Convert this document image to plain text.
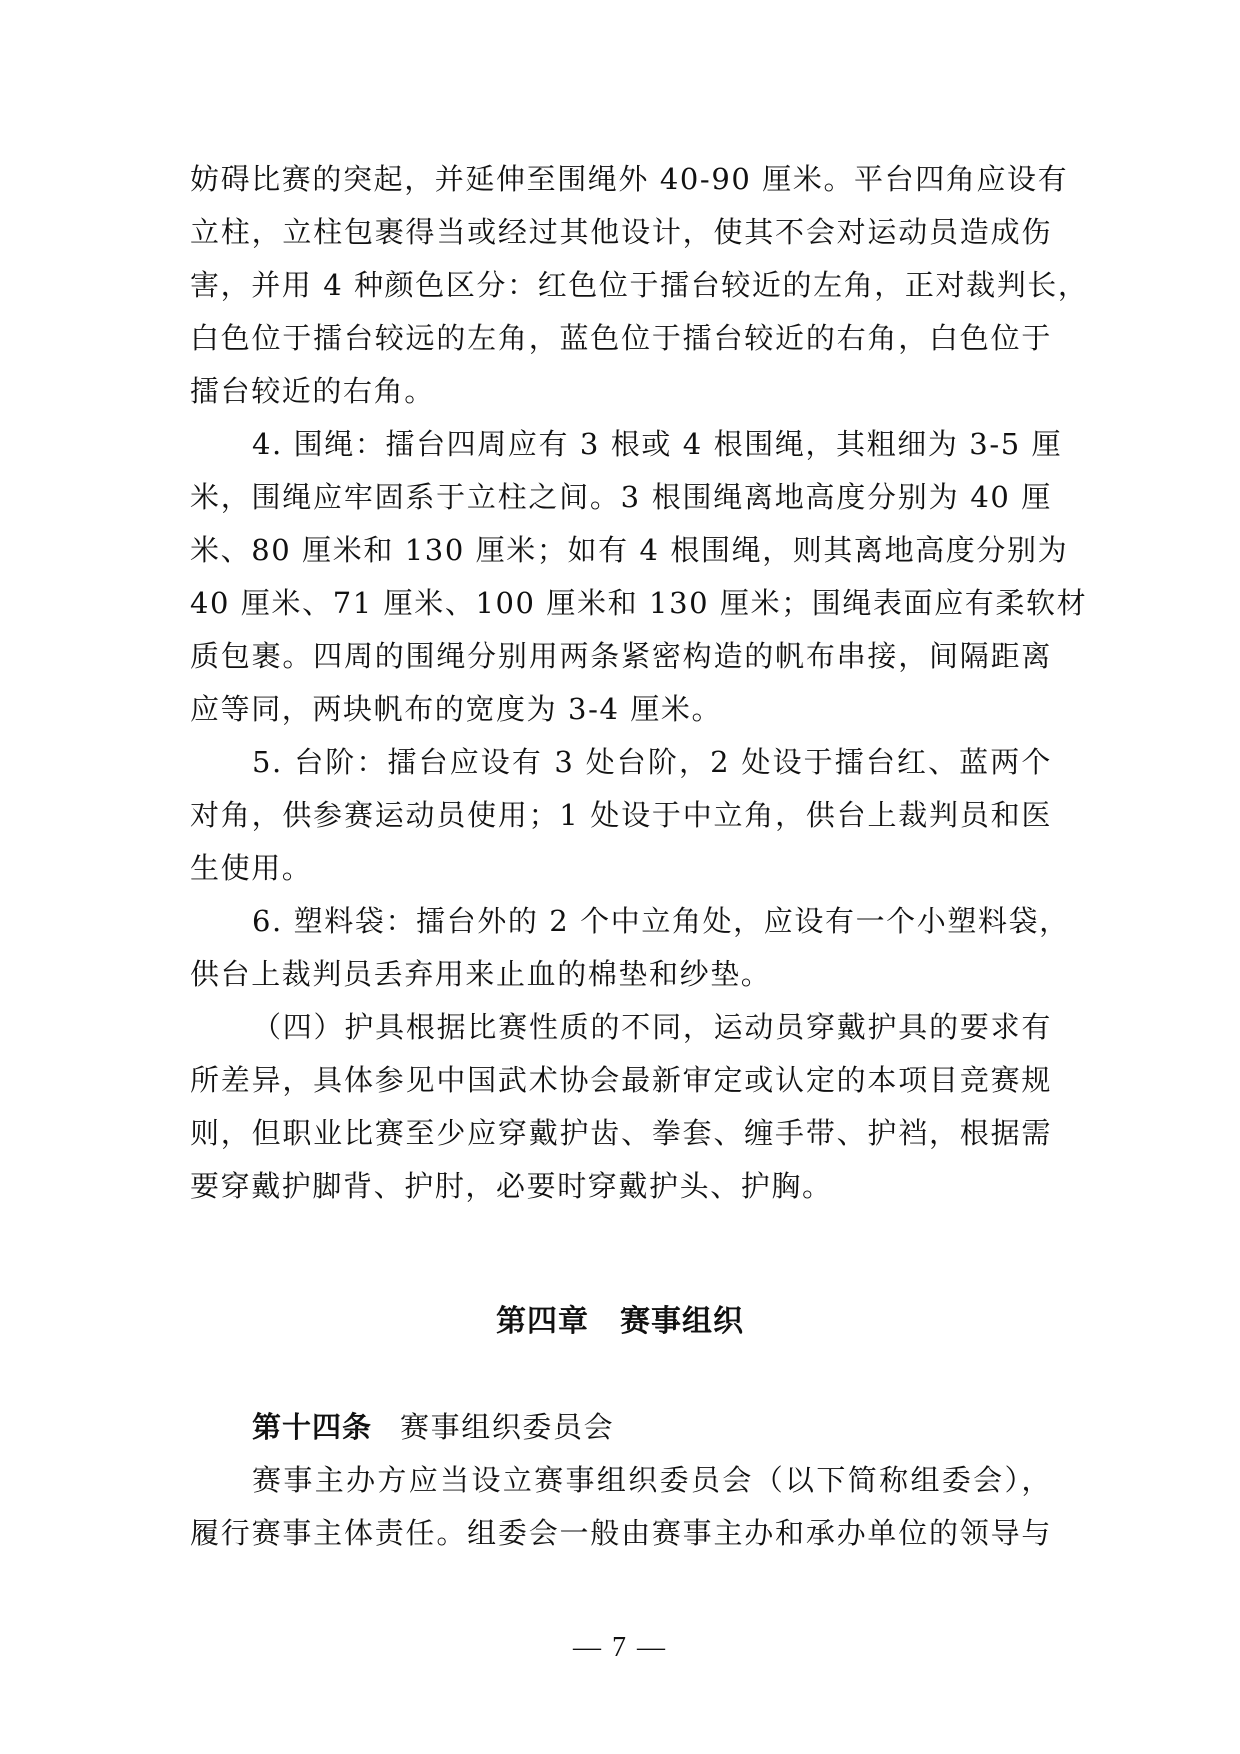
妨碍比赛的突起，并延伸至围绳外 40-90 厘米。平台四角应设有
立柱，立柱包裹得当或经过其他设计，使其不会对运动员造成伤
害，并用 4 种颜色区分：红色位于擂台较近的左角，正对裁判长，
白色位于擂台较远的左角，蓝色位于擂台较近的右角，白色位于
擂台较近的右角。
4. 围绳：擂台四周应有 3 根或 4 根围绳，其粗细为 3-5 厘
米，围绳应牢固系于立柱之间。3 根围绳离地高度分别为 40 厘
米、80 厘米和 130 厘米；如有 4 根围绳，则其离地高度分别为
40 厘米、71 厘米、100 厘米和 130 厘米；围绳表面应有柔软材
质包裹。四周的围绳分别用两条紧密构造的帆布串接，间隔距离
应等同，两块帆布的宽度为 3-4 厘米。
5. 台阶：擂台应设有 3 处台阶，2 处设于擂台红、蓝两个
对角，供参赛运动员使用；1 处设于中立角，供台上裁判员和医
生使用。
6. 塑料袋：擂台外的 2 个中立角处，应设有一个小塑料袋，
供台上裁判员丢弃用来止血的棉垫和纱垫。
（四）护具根据比赛性质的不同，运动员穿戴护具的要求有
所差异，具体参见中国武术协会最新审定或认定的本项目竞赛规
则，但职业比赛至少应穿戴护齿、拳套、缠手带、护裆，根据需
要穿戴护脚背、护肘，必要时穿戴护头、护胸。
第四章　赛事组织
第十四条 赛事组织委员会
赛事主办方应当设立赛事组织委员会（以下简称组委会），
履行赛事主体责任。组委会一般由赛事主办和承办单位的领导与
— 7 —
